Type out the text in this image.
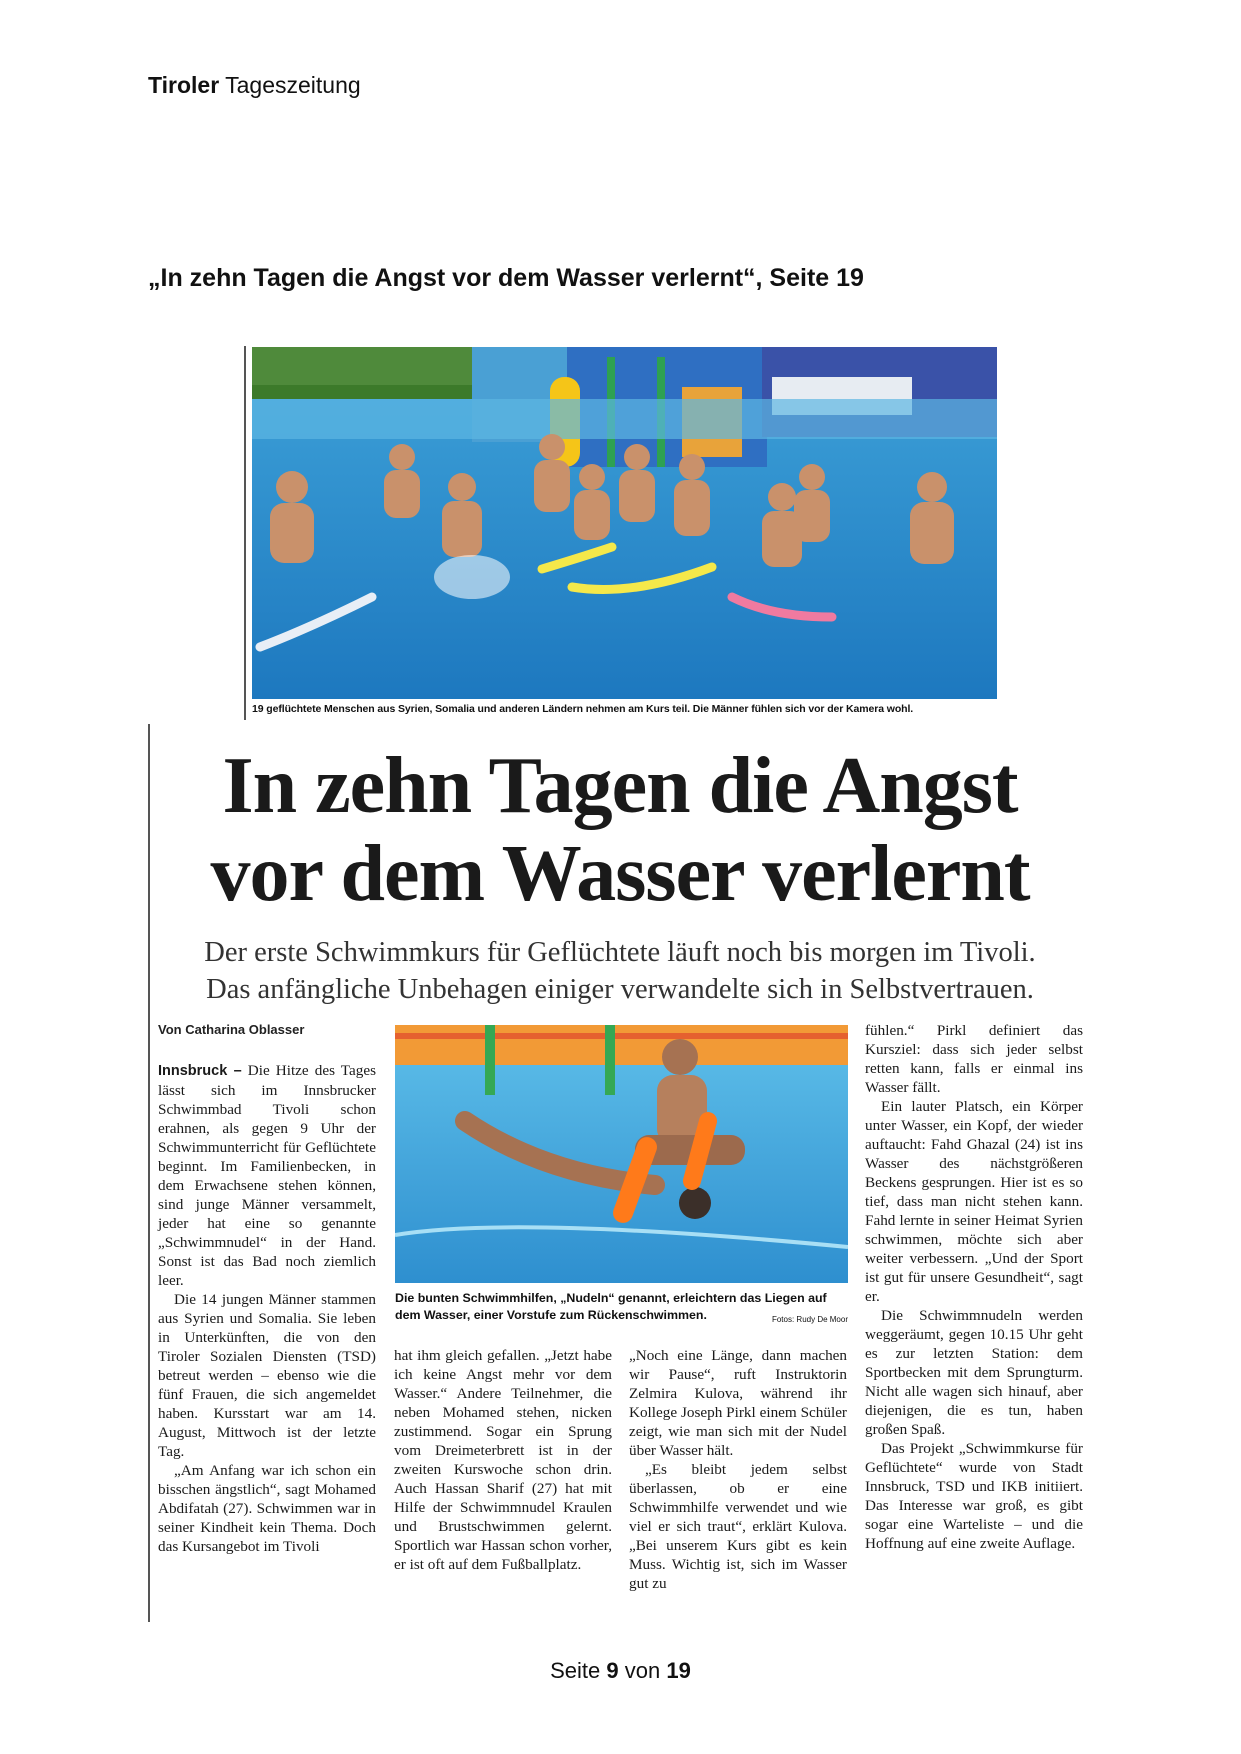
Tiroler Tageszeitung
„In zehn Tagen die Angst vor dem Wasser verlernt“, Seite 19
19 geflüchtete Menschen aus Syrien, Somalia und anderen Ländern nehmen am Kurs teil. Die Männer fühlen sich vor der Kamera wohl.
In zehn Tagen die Angst
vor dem Wasser verlernt
Der erste Schwimmkurs für Geflüchtete läuft noch bis morgen im Tivoli.
Das anfängliche Unbehagen einiger verwandelte sich in Selbstvertrauen.
Von Catharina Oblasser

Innsbruck – Die Hitze des Tages lässt sich im Innsbrucker Schwimmbad Tivoli schon erahnen, als gegen 9 Uhr der Schwimmunterricht für Geflüchtete beginnt. Im Familienbecken, in dem Erwachsene stehen können, sind junge Männer versammelt, jeder hat eine so genannte „Schwimmnudel“ in der Hand. Sonst ist das Bad noch ziemlich leer.

Die 14 jungen Männer stammen aus Syrien und Somalia. Sie leben in Unterkünften, die von den Tiroler Sozialen Diensten (TSD) betreut werden – ebenso wie die fünf Frauen, die sich angemeldet haben. Kursstart war am 14. August, Mittwoch ist der letzte Tag.

„Am Anfang war ich schon ein bisschen ängstlich“, sagt Mohamed Abdifatah (27). Schwimmen war in seiner Kindheit kein Thema. Doch das Kursangebot im Tivoli

Die bunten Schwimmhilfen, „Nudeln“ genannt, erleichtern das Liegen auf dem Wasser, einer Vorstufe zum Rückenschwimmen.	Fotos: Rudy De Moor

hat ihm gleich gefallen. „Jetzt habe ich keine Angst mehr vor dem Wasser.“ Andere Teilnehmer, die neben Mohamed stehen, nicken zustimmend. Sogar ein Sprung vom Dreimeterbrett ist in der zweiten Kurswoche schon drin. Auch Hassan Sharif (27) hat mit Hilfe der Schwimmnudel Kraulen und Brustschwimmen gelernt. Sportlich war Hassan schon vorher, er ist oft auf dem Fußballplatz.

„Noch eine Länge, dann machen wir Pause“, ruft Instruktorin Zelmira Kulova, während ihr Kollege Joseph Pirkl einem Schüler zeigt, wie man sich mit der Nudel über Wasser hält.

„Es bleibt jedem selbst überlassen, ob er eine Schwimmhilfe verwendet und wie viel er sich traut“, erklärt Kulova. „Bei unserem Kurs gibt es kein Muss. Wichtig ist, sich im Wasser gut zu

fühlen.“ Pirkl definiert das Kursziel: dass sich jeder selbst retten kann, falls er einmal ins Wasser fällt.

Ein lauter Platsch, ein Körper unter Wasser, ein Kopf, der wieder auftaucht: Fahd Ghazal (24) ist ins Wasser des nächstgrößeren Beckens gesprungen. Hier ist es so tief, dass man nicht stehen kann. Fahd lernte in seiner Heimat Syrien schwimmen, möchte sich aber weiter verbessern. „Und der Sport ist gut für unsere Gesundheit“, sagt er.

Die Schwimmnudeln werden weggeräumt, gegen 10.15 Uhr geht es zur letzten Station: dem Sportbecken mit dem Sprungturm. Nicht alle wagen sich hinauf, aber diejenigen, die es tun, haben großen Spaß.

Das Projekt „Schwimmkurse für Geflüchtete“ wurde von Stadt Innsbruck, TSD und IKB initiiert. Das Interesse war groß, es gibt sogar eine Warteliste – und die Hoffnung auf eine zweite Auflage.

Seite 9 von 19
